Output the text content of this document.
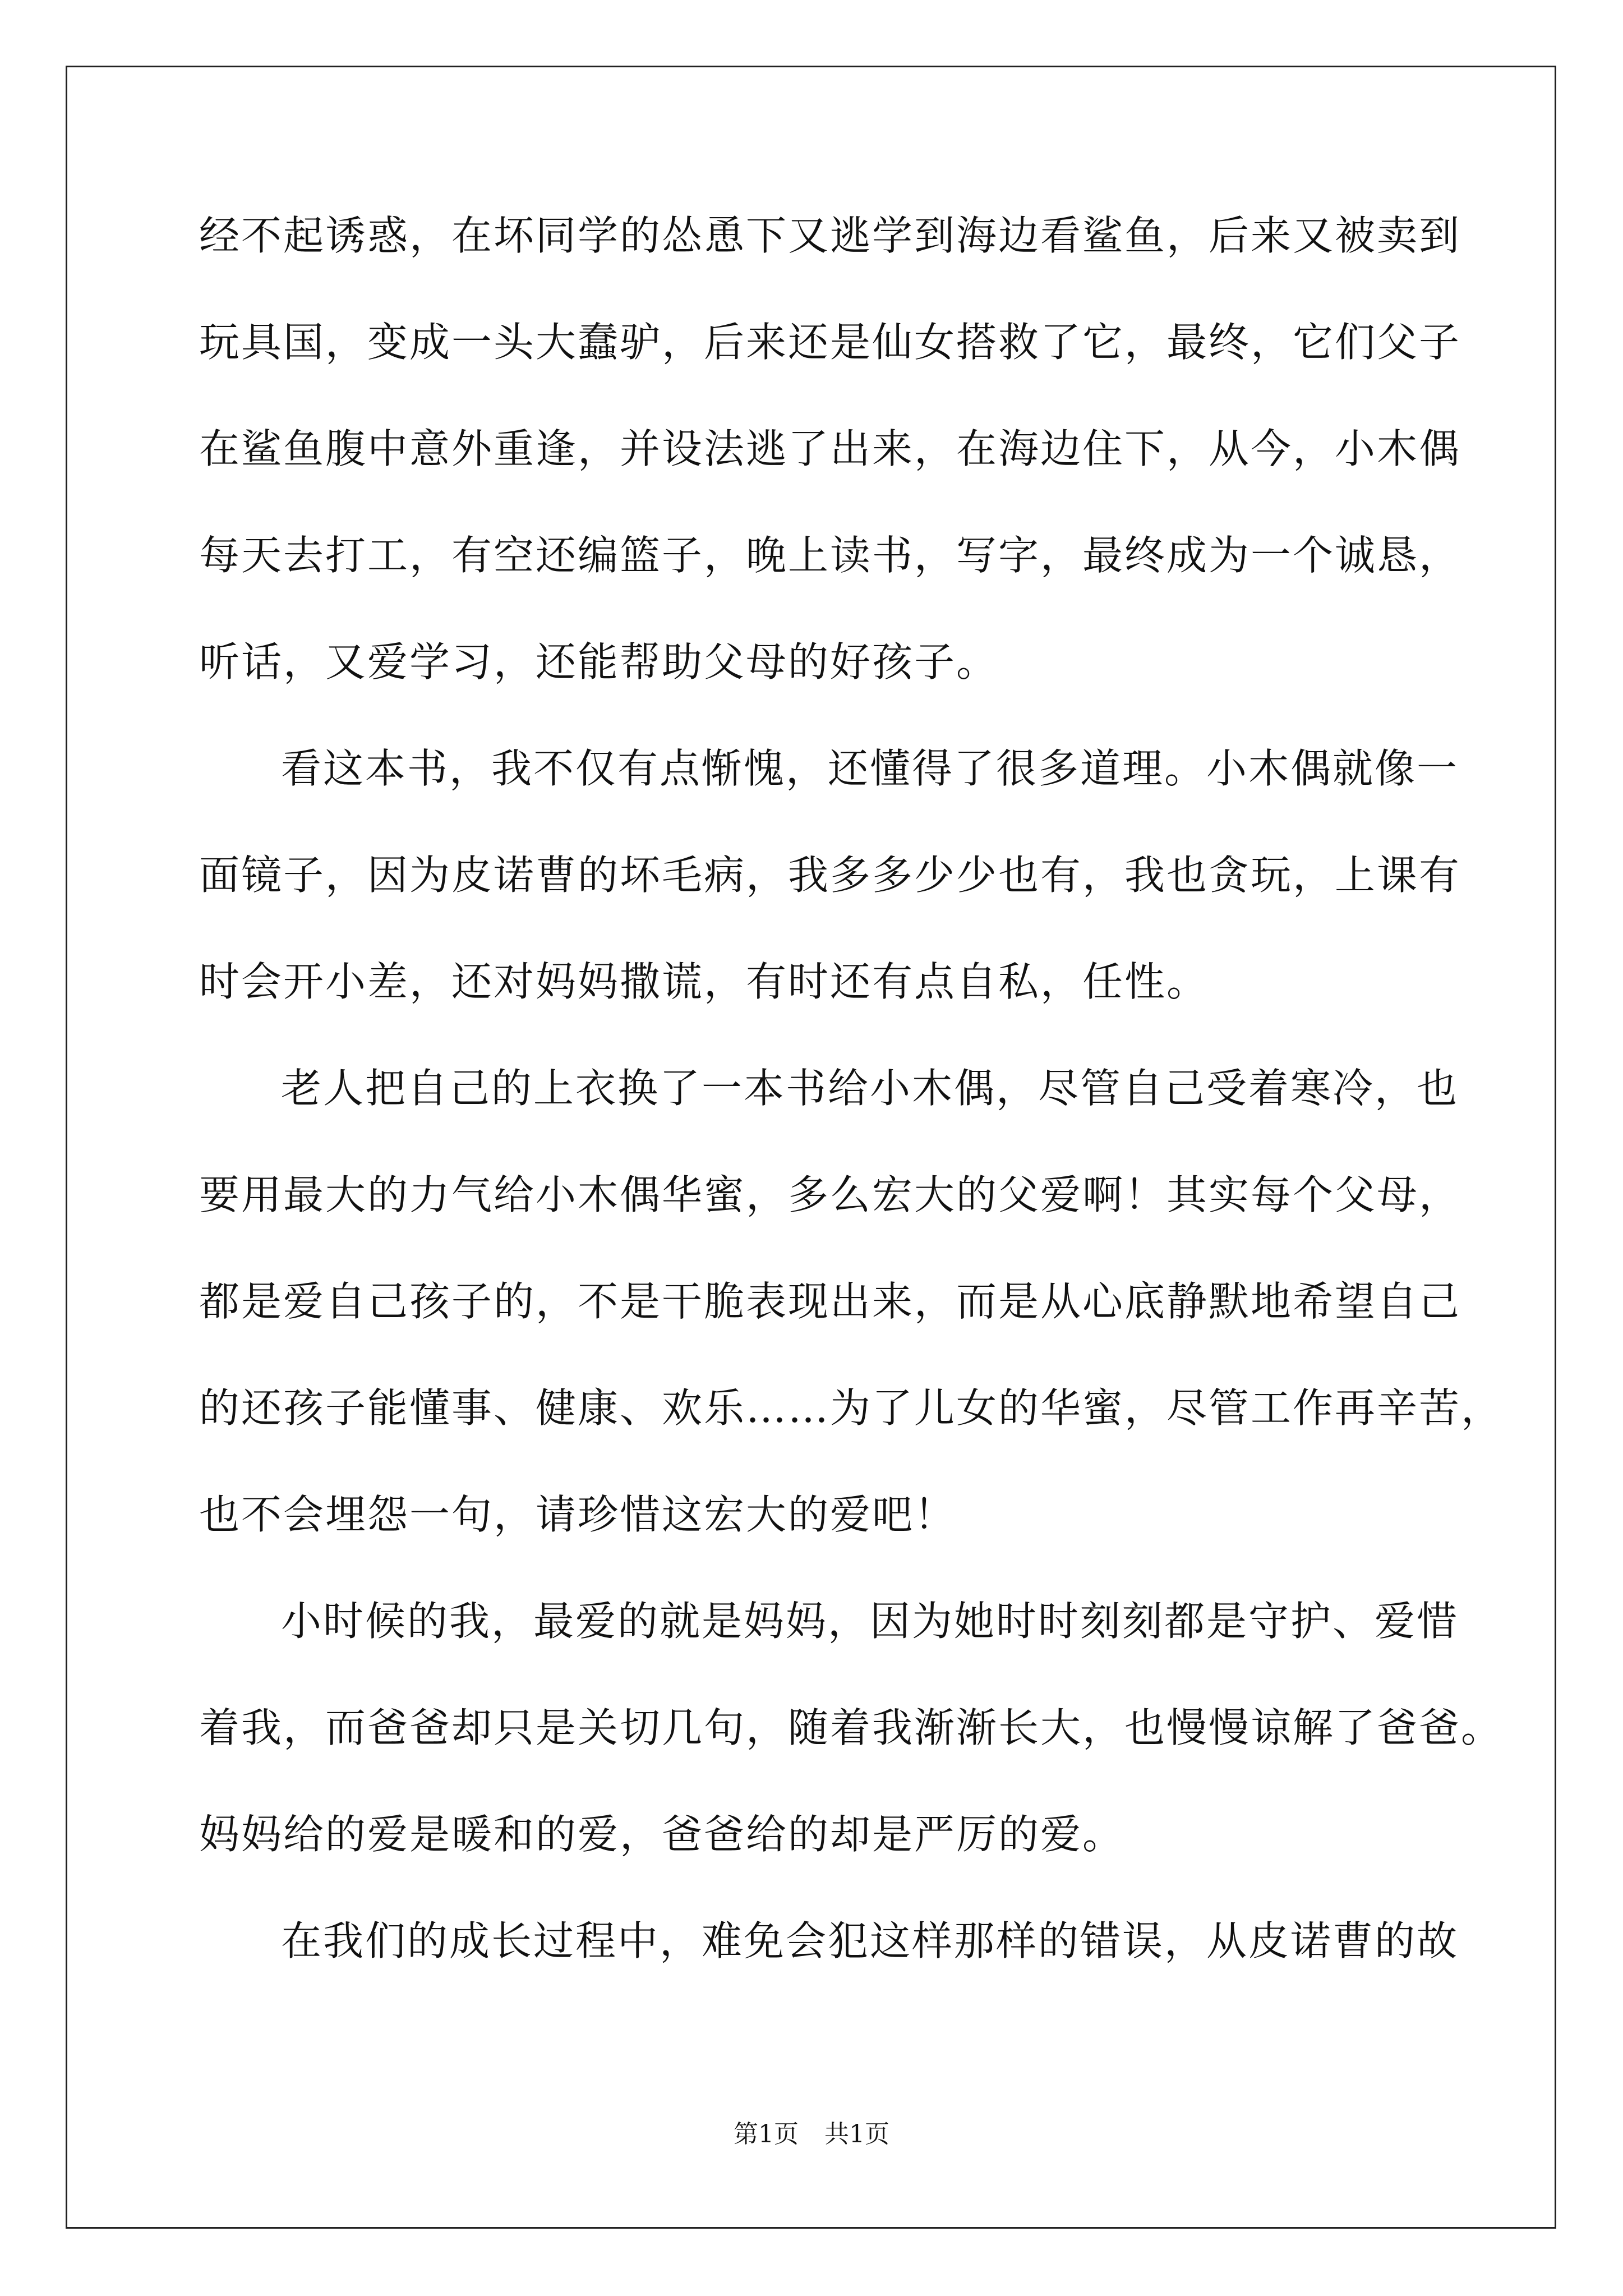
经不起诱惑，在坏同学的怂恿下又逃学到海边看鲨鱼，后来又被卖到
玩具国，变成一头大蠢驴，后来还是仙女搭救了它，最终，它们父子
在鲨鱼腹中意外重逢，并设法逃了出来，在海边住下，从今，小木偶
每天去打工，有空还编篮子，晚上读书，写字，最终成为一个诚恳，
听话，又爱学习，还能帮助父母的好孩子。
看这本书，我不仅有点惭愧，还懂得了很多道理。小木偶就像一
面镜子，因为皮诺曹的坏毛病，我多多少少也有，我也贪玩，上课有
时会开小差，还对妈妈撒谎，有时还有点自私，任性。
老人把自己的上衣换了一本书给小木偶，尽管自己受着寒冷，也
要用最大的力气给小木偶华蜜，多么宏大的父爱啊！其实每个父母，
都是爱自己孩子的，不是干脆表现出来，而是从心底静默地希望自己
的还孩子能懂事、健康、欢乐……为了儿女的华蜜，尽管工作再辛苦，
也不会埋怨一句，请珍惜这宏大的爱吧！
小时候的我，最爱的就是妈妈，因为她时时刻刻都是守护、爱惜
着我，而爸爸却只是关切几句，随着我渐渐长大，也慢慢谅解了爸爸。
妈妈给的爱是暖和的爱，爸爸给的却是严厉的爱。
在我们的成长过程中，难免会犯这样那样的错误，从皮诺曹的故
第1页 共1页
